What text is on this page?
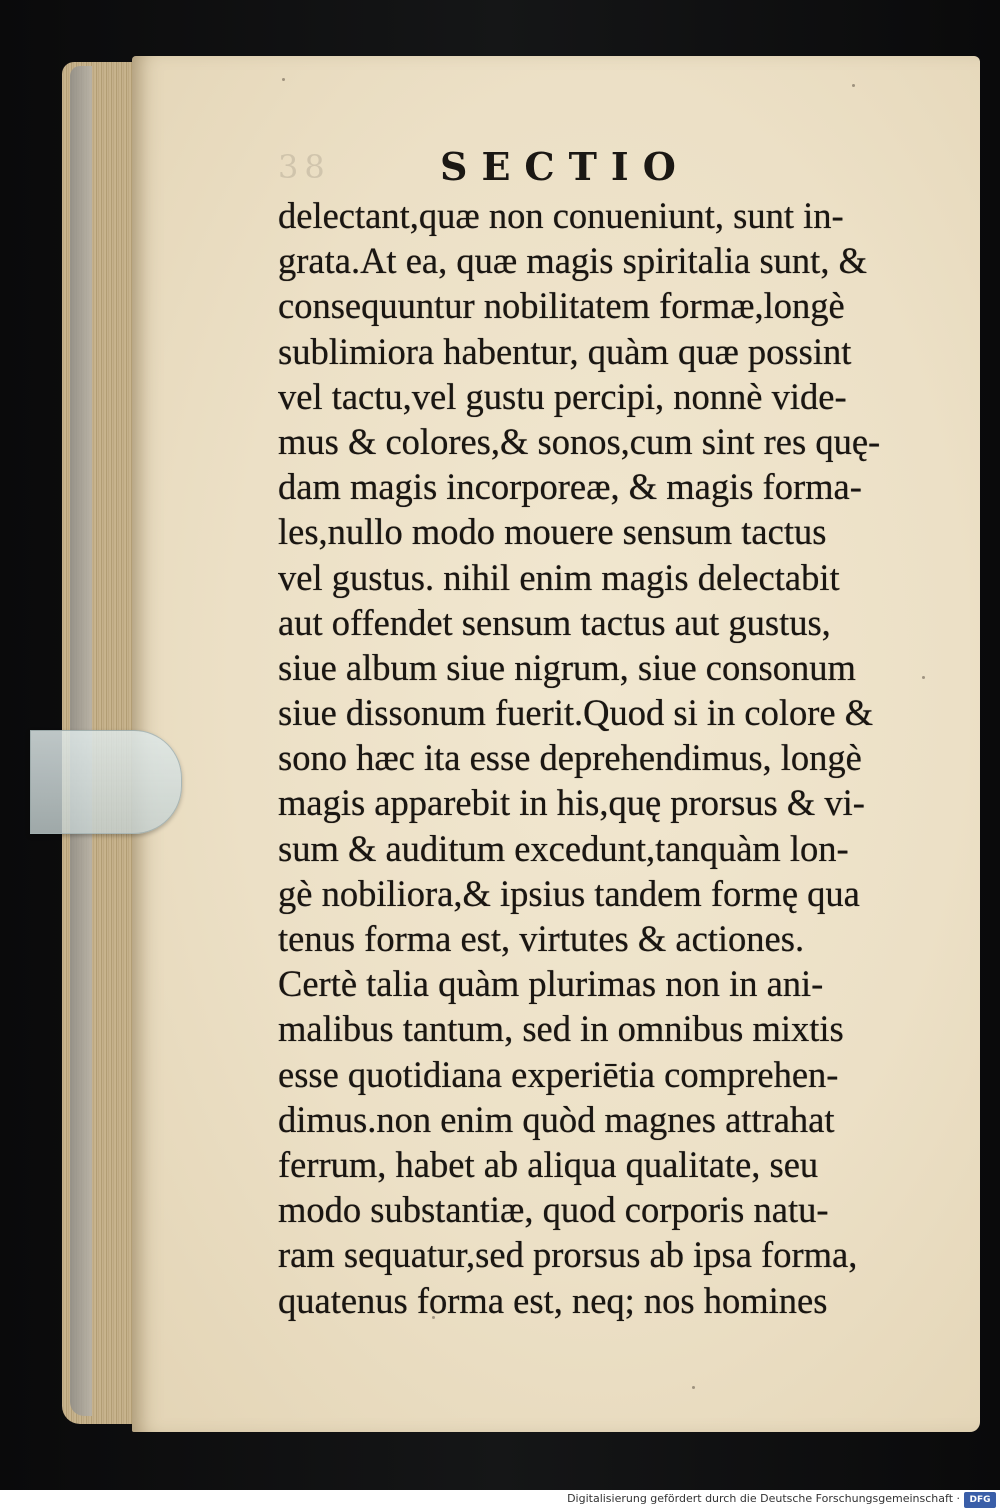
38	SECTIO
delectant,quæ non conueniunt, sunt in-
grata.At ea, quæ magis spiritalia sunt, &
consequuntur nobilitatem formæ,longè
sublimiora habentur, quàm quæ possint
vel tactu,vel gustu percipi, nonnè vide-
mus & colores,& sonos,cum sint res quę-
dam magis incorporeæ, & magis forma-
les,nullo modo mouere sensum tactus
vel gustus. nihil enim magis delectabit
aut offendet sensum tactus aut gustus,
siue album siue nigrum, siue consonum
siue dissonum fuerit.Quod si in colore &
sono hæc ita esse deprehendimus, longè
magis apparebit in his,quę prorsus & vi-
sum & auditum excedunt,tanquàm lon-
gè nobiliora,& ipsius tandem formę qua
tenus forma est, virtutes & actiones.
Certè talia quàm plurimas non in ani-
malibus tantum, sed in omnibus mixtis
esse quotidiana experiētia comprehen-
dimus.non enim quòd magnes attrahat
ferrum, habet ab aliqua qualitate, seu
modo substantiæ, quod corporis natu-
ram sequatur,sed prorsus ab ipsa forma,
quatenus forma est, neq; nos homines
Digitalisierung gefördert durch die Deutsche Forschungsgemeinschaft ·	DFG
